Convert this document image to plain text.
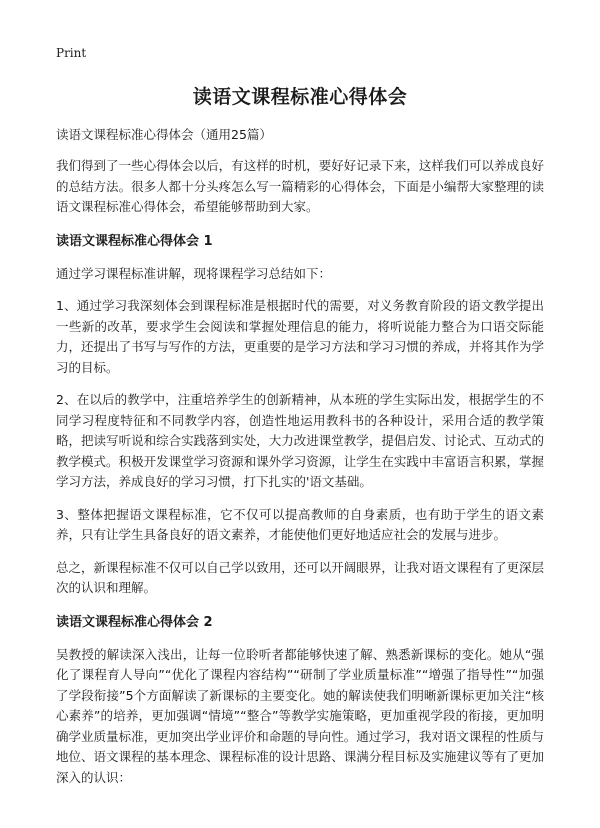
Print
读语文课程标准心得体会
读语文课程标准心得体会（通用25篇）

我们得到了一些心得体会以后，有这样的时机，要好好记录下来，这样我们可以养成良好的总结方法。很多人都十分头疼怎么写一篇精彩的心得体会，下面是小编帮大家整理的读语文课程标准心得体会，希望能够帮助到大家。

读语文课程标准心得体会 1

通过学习课程标准讲解，现将课程学习总结如下：

1、通过学习我深刻体会到课程标准是根据时代的需要，对义务教育阶段的语文教学提出一些新的改革，要求学生会阅读和掌握处理信息的能力，将听说能力整合为口语交际能力，还提出了书写与写作的方法，更重要的是学习方法和学习习惯的养成，并将其作为学习的目标。

2、在以后的教学中，注重培养学生的创新精神，从本班的学生实际出发，根据学生的不同学习程度特征和不同教学内容，创造性地运用教科书的各种设计，采用合适的教学策略，把读写听说和综合实践落到实处，大力改进课堂教学，提倡启发、讨论式、互动式的教学模式。积极开发课堂学习资源和课外学习资源，让学生在实践中丰富语言积累，掌握学习方法，养成良好的学习习惯，打下扎实的'语文基础。

3、整体把握语文课程标准，它不仅可以提高教师的自身素质，也有助于学生的语文素养，只有让学生具备良好的语文素养，才能使他们更好地适应社会的发展与进步。

总之，新课程标准不仅可以自己学以致用，还可以开阔眼界，让我对语文课程有了更深层次的认识和理解。

读语文课程标准心得体会 2

吴教授的解读深入浅出，让每一位聆听者都能够快速了解、熟悉新课标的变化。她从“强化了课程育人导向”“优化了课程内容结构”“研制了学业质量标准”“增强了指导性”“加强了学段衔接”5个方面解读了新课标的主要变化。她的解读使我们明晰新课标更加关注“核心素养”的培养，更加强调“情境”“整合”等教学实施策略，更加重视学段的衔接，更加明确学业质量标准，更加突出学业评价和命题的导向性。通过学习，我对语文课程的性质与地位、语文课程的基本理念、课程标准的设计思路、课满分程目标及实施建议等有了更加深入的认识：
